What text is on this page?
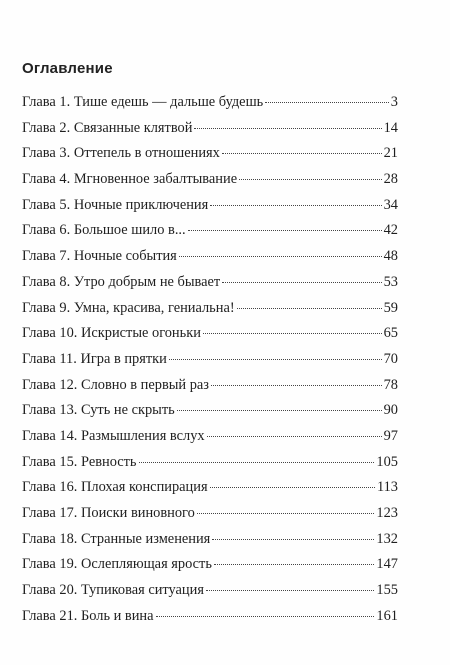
Оглавление
Глава 1. Тише едешь — дальше будешь	3
Глава 2. Связанные клятвой	14
Глава 3. Оттепель в отношениях	21
Глава 4. Мгновенное забалтывание	28
Глава 5. Ночные приключения	34
Глава 6. Большое шило в...	42
Глава 7. Ночные события	48
Глава 8. Утро добрым не бывает	53
Глава 9. Умна, красива, гениальна!	59
Глава 10. Искристые огоньки	65
Глава 11. Игра в прятки	70
Глава 12. Словно в первый раз	78
Глава 13. Суть не скрыть	90
Глава 14. Размышления вслух	97
Глава 15. Ревность	105
Глава 16. Плохая конспирация	113
Глава 17. Поиски виновного	123
Глава 18. Странные изменения	132
Глава 19. Ослепляющая ярость	147
Глава 20. Тупиковая ситуация	155
Глава 21. Боль и вина	161
